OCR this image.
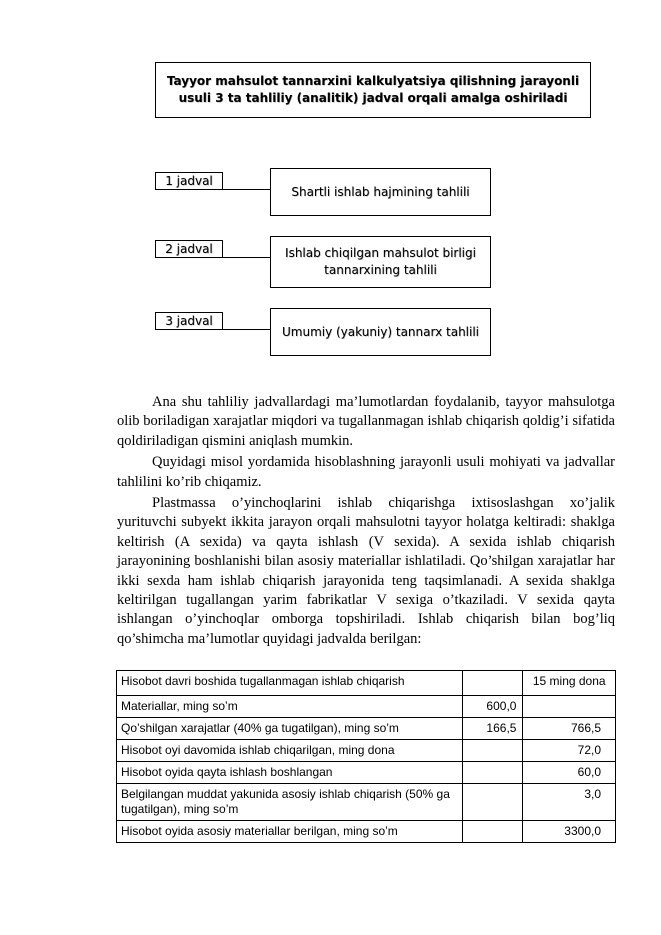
Tayyor mahsulot tannarxini kalkulyatsiya qilishning jarayonli usuli 3 ta tahliliy (analitik) jadval orqali amalga oshiriladi
1 jadval
Shartli ishlab hajmining tahlili
2 jadval	Ishlab chiqilgan mahsulot birligi tannarxining tahlili
3 jadval
Umumiy (yakuniy) tannarx tahlili

Ana shu tahliliy jadvallardagi ma’lumotlardan foydalanib, tayyor mahsulotga olib boriladigan xarajatlar miqdori va tugallanmagan ishlab chiqarish qoldig’i sifatida qoldiriladigan qismini aniqlash mumkin.

Quyidagi misol yordamida hisoblashning jarayonli usuli mohiyati va jadvallar tahlilini ko’rib chiqamiz.

Plastmassa o’yinchoqlarini ishlab chiqarishga ixtisoslashgan xo’jalik yurituvchi subyekt ikkita jarayon orqali mahsulotni tayyor holatga keltiradi: shaklga keltirish (A sexida) va qayta ishlash (V sexida). A sexida ishlab chiqarish jarayonining boshlanishi bilan asosiy materiallar ishlatiladi. Qo’shilgan xarajatlar har ikki sexda ham ishlab chiqarish jarayonida teng taqsimlanadi. A sexida shaklga keltirilgan tugallangan yarim fabrikatlar V sexiga o’tkaziladi. V sexida qayta ishlangan o’yinchoqlar omborga topshiriladi. Ishlab chiqarish bilan bog’liq qo’shimcha ma’lumotlar quyidagi jadvalda berilgan:

Hisobot davri boshida tugallanmagan ishlab chiqarish		15 ming dona
Materiallar, ming so’m	600,0	
Qo’shilgan xarajatlar (40% ga tugatilgan), ming so’m	166,5	766,5
Hisobot oyi davomida ishlab chiqarilgan, ming dona		72,0
Hisobot oyida qayta ishlash boshlangan		60,0
Belgilangan muddat yakunida asosiy ishlab chiqarish (50% ga tugatilgan), ming so’m		3,0
Hisobot oyida asosiy materiallar berilgan, ming so’m		3300,0
